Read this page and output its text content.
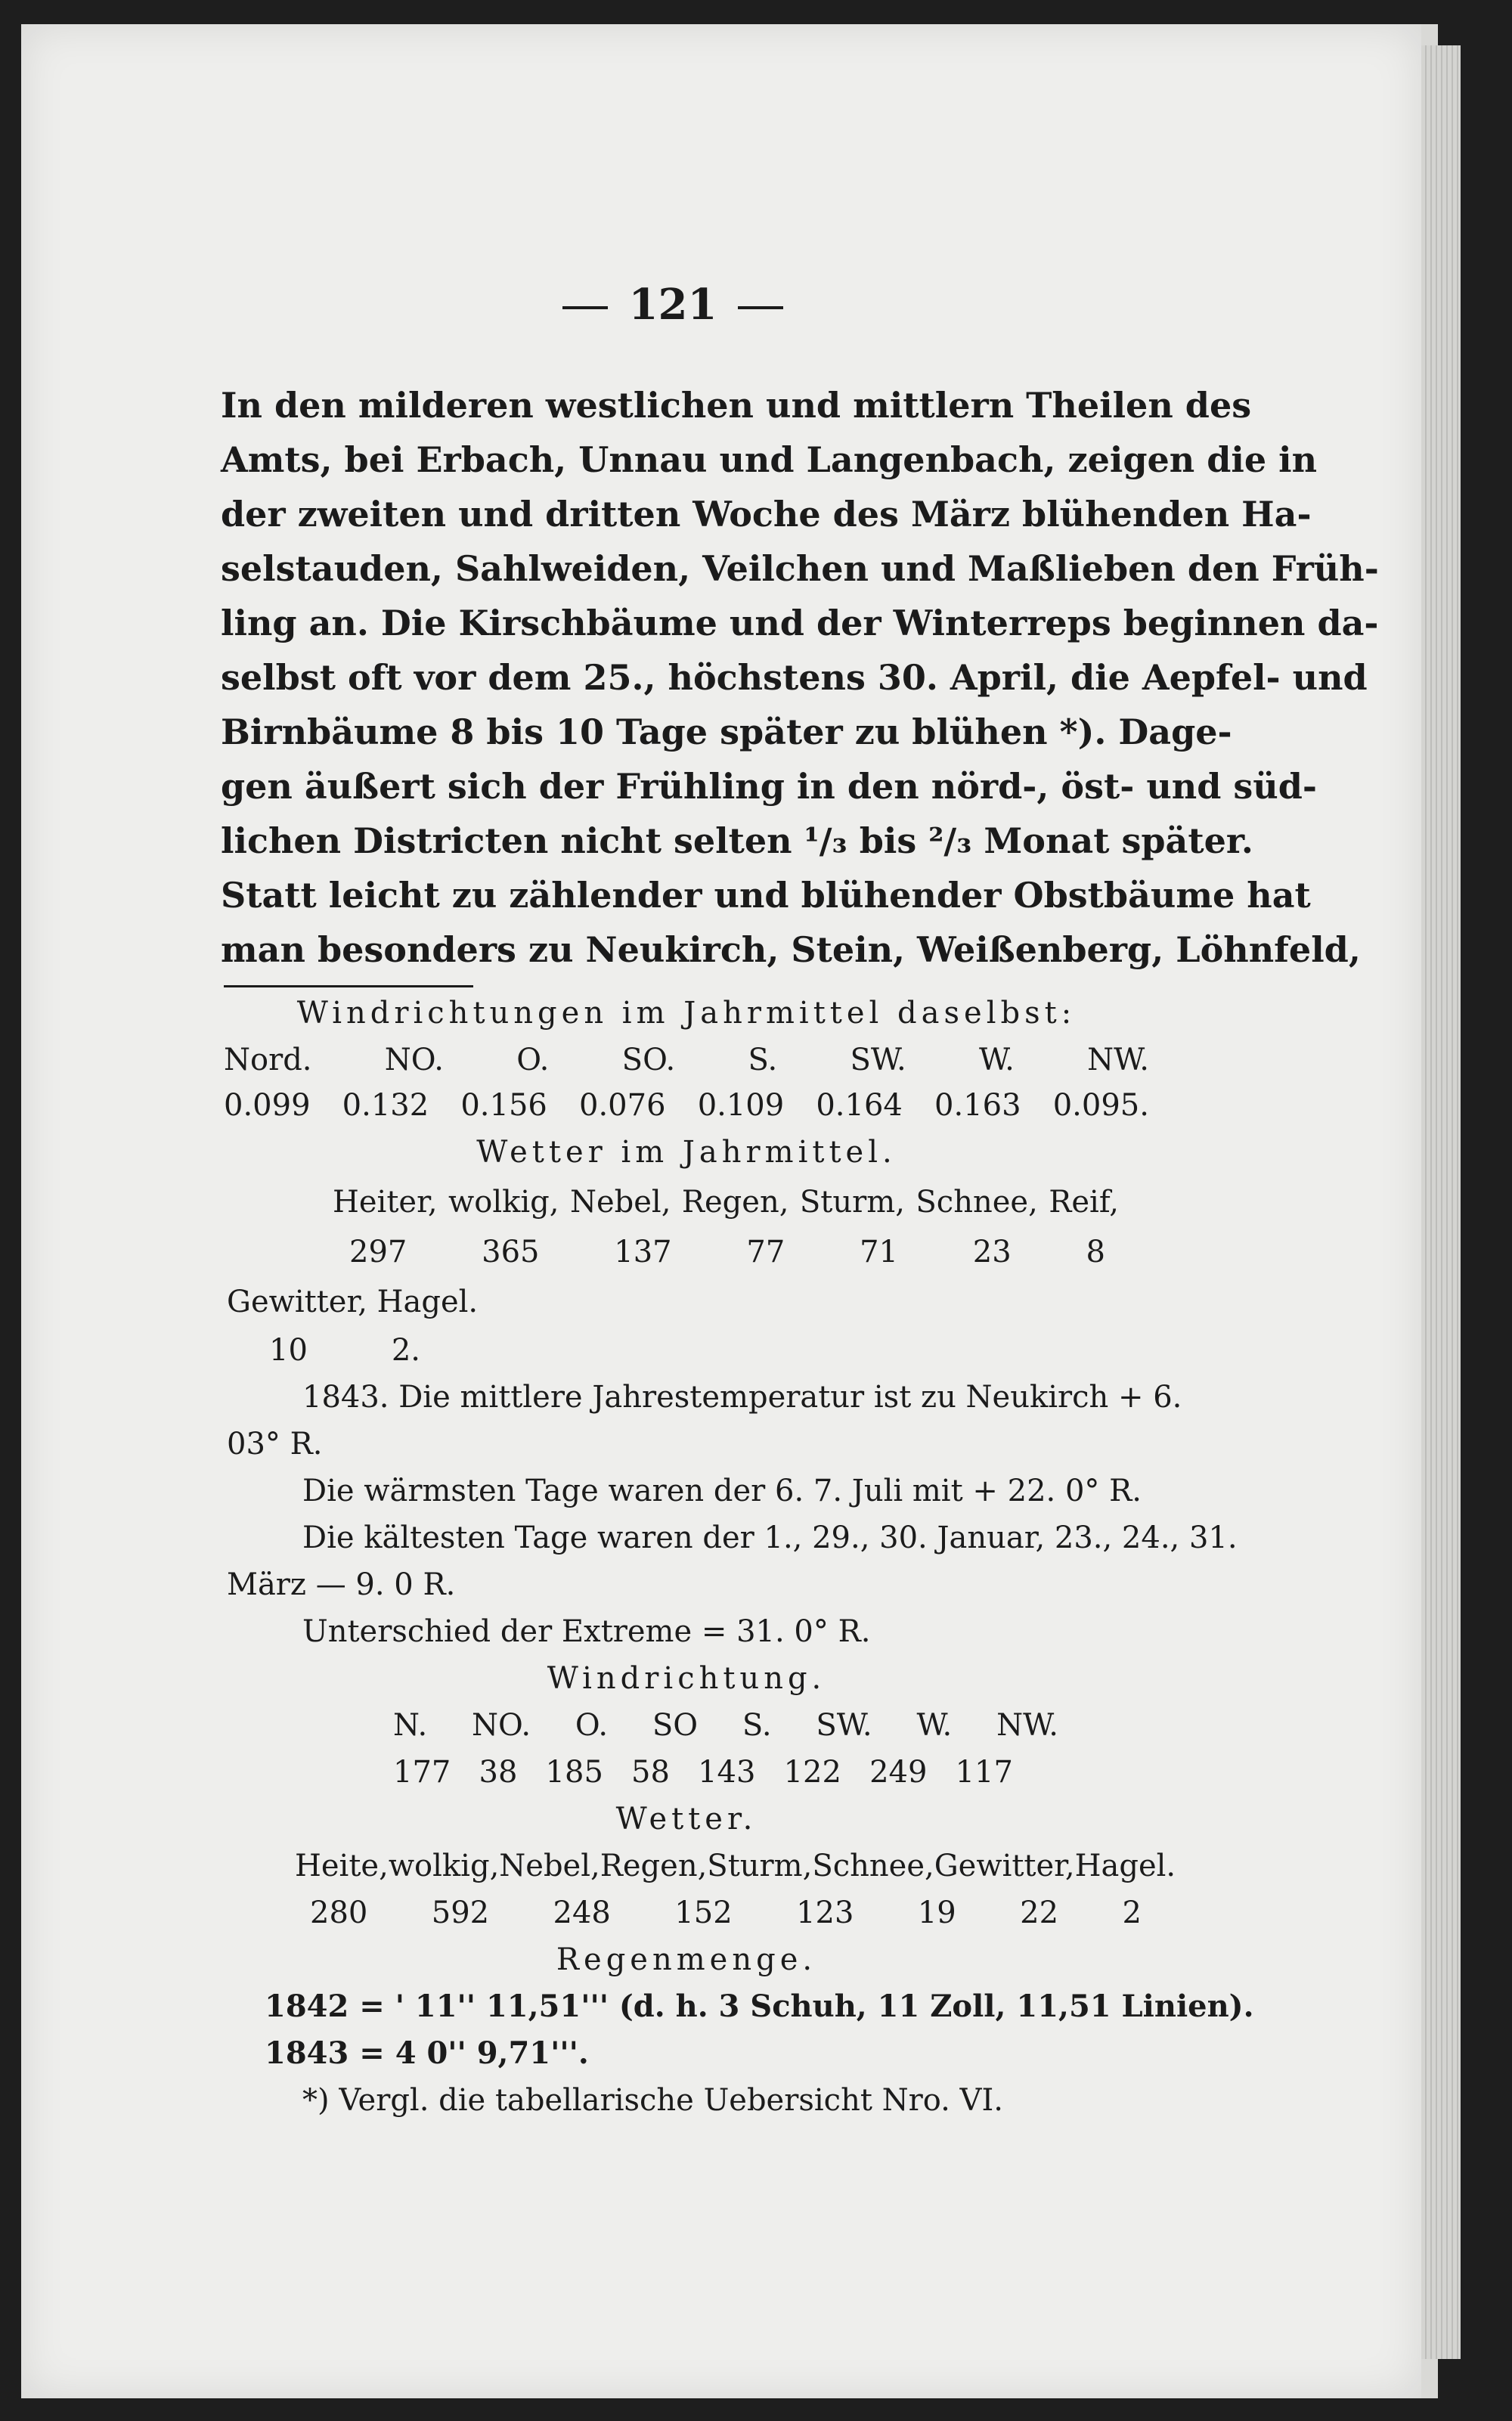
121
In den milderen westlichen und mittlern Theilen des
Amts, bei Erbach, Unnau und Langenbach, zeigen die in
der zweiten und dritten Woche des März blühenden Ha-
selstauden, Sahlweiden, Veilchen und Maßlieben den Früh-
ling an. Die Kirschbäume und der Winterreps beginnen da-
selbst oft vor dem 25., höchstens 30. April, die Aepfel- und
Birnbäume 8 bis 10 Tage später zu blühen *). Dage-
gen äußert sich der Frühling in den nörd-, öst- und süd-
lichen Districten nicht selten ¹/₃ bis ²/₃ Monat später.
Statt leicht zu zählender und blühender Obstbäume hat
man besonders zu Neukirch, Stein, Weißenberg, Löhnfeld,
Windrichtungen im Jahrmittel daselbst:
Nord. NO. O. SO. S. SW. W. NW.
0.099 0.132 0.156 0.076 0.109 0.164 0.163 0.095.
Wetter im Jahrmittel.
Heiter, wolkig, Nebel, Regen, Sturm, Schnee, Reif,
297 365 137 77 71 23 8
Gewitter, Hagel.
10	2.
1843. Die mittlere Jahrestemperatur ist zu Neukirch + 6.
03° R.
Die wärmsten Tage waren der 6. 7. Juli mit + 22. 0° R.
Die kältesten Tage waren der 1., 29., 30. Januar, 23., 24., 31.
März — 9. 0 R.
Unterschied der Extreme = 31. 0° R.
Windrichtung.
N. NO. O. SO S. SW. W. NW.
177 38 185 58 143 122 249 117
Wetter.
Heite, wolkig, Nebel, Regen, Sturm, Schnee, Gewitter, Hagel.
280 592 248 152 123 19 22 2
Regenmenge.
1842 = ' 11'' 11,51''' (d. h. 3 Schuh, 11 Zoll, 11,51 Linien).
1843 = 4 0'' 9,71'''.
*) Vergl. die tabellarische Uebersicht Nro. VI.
